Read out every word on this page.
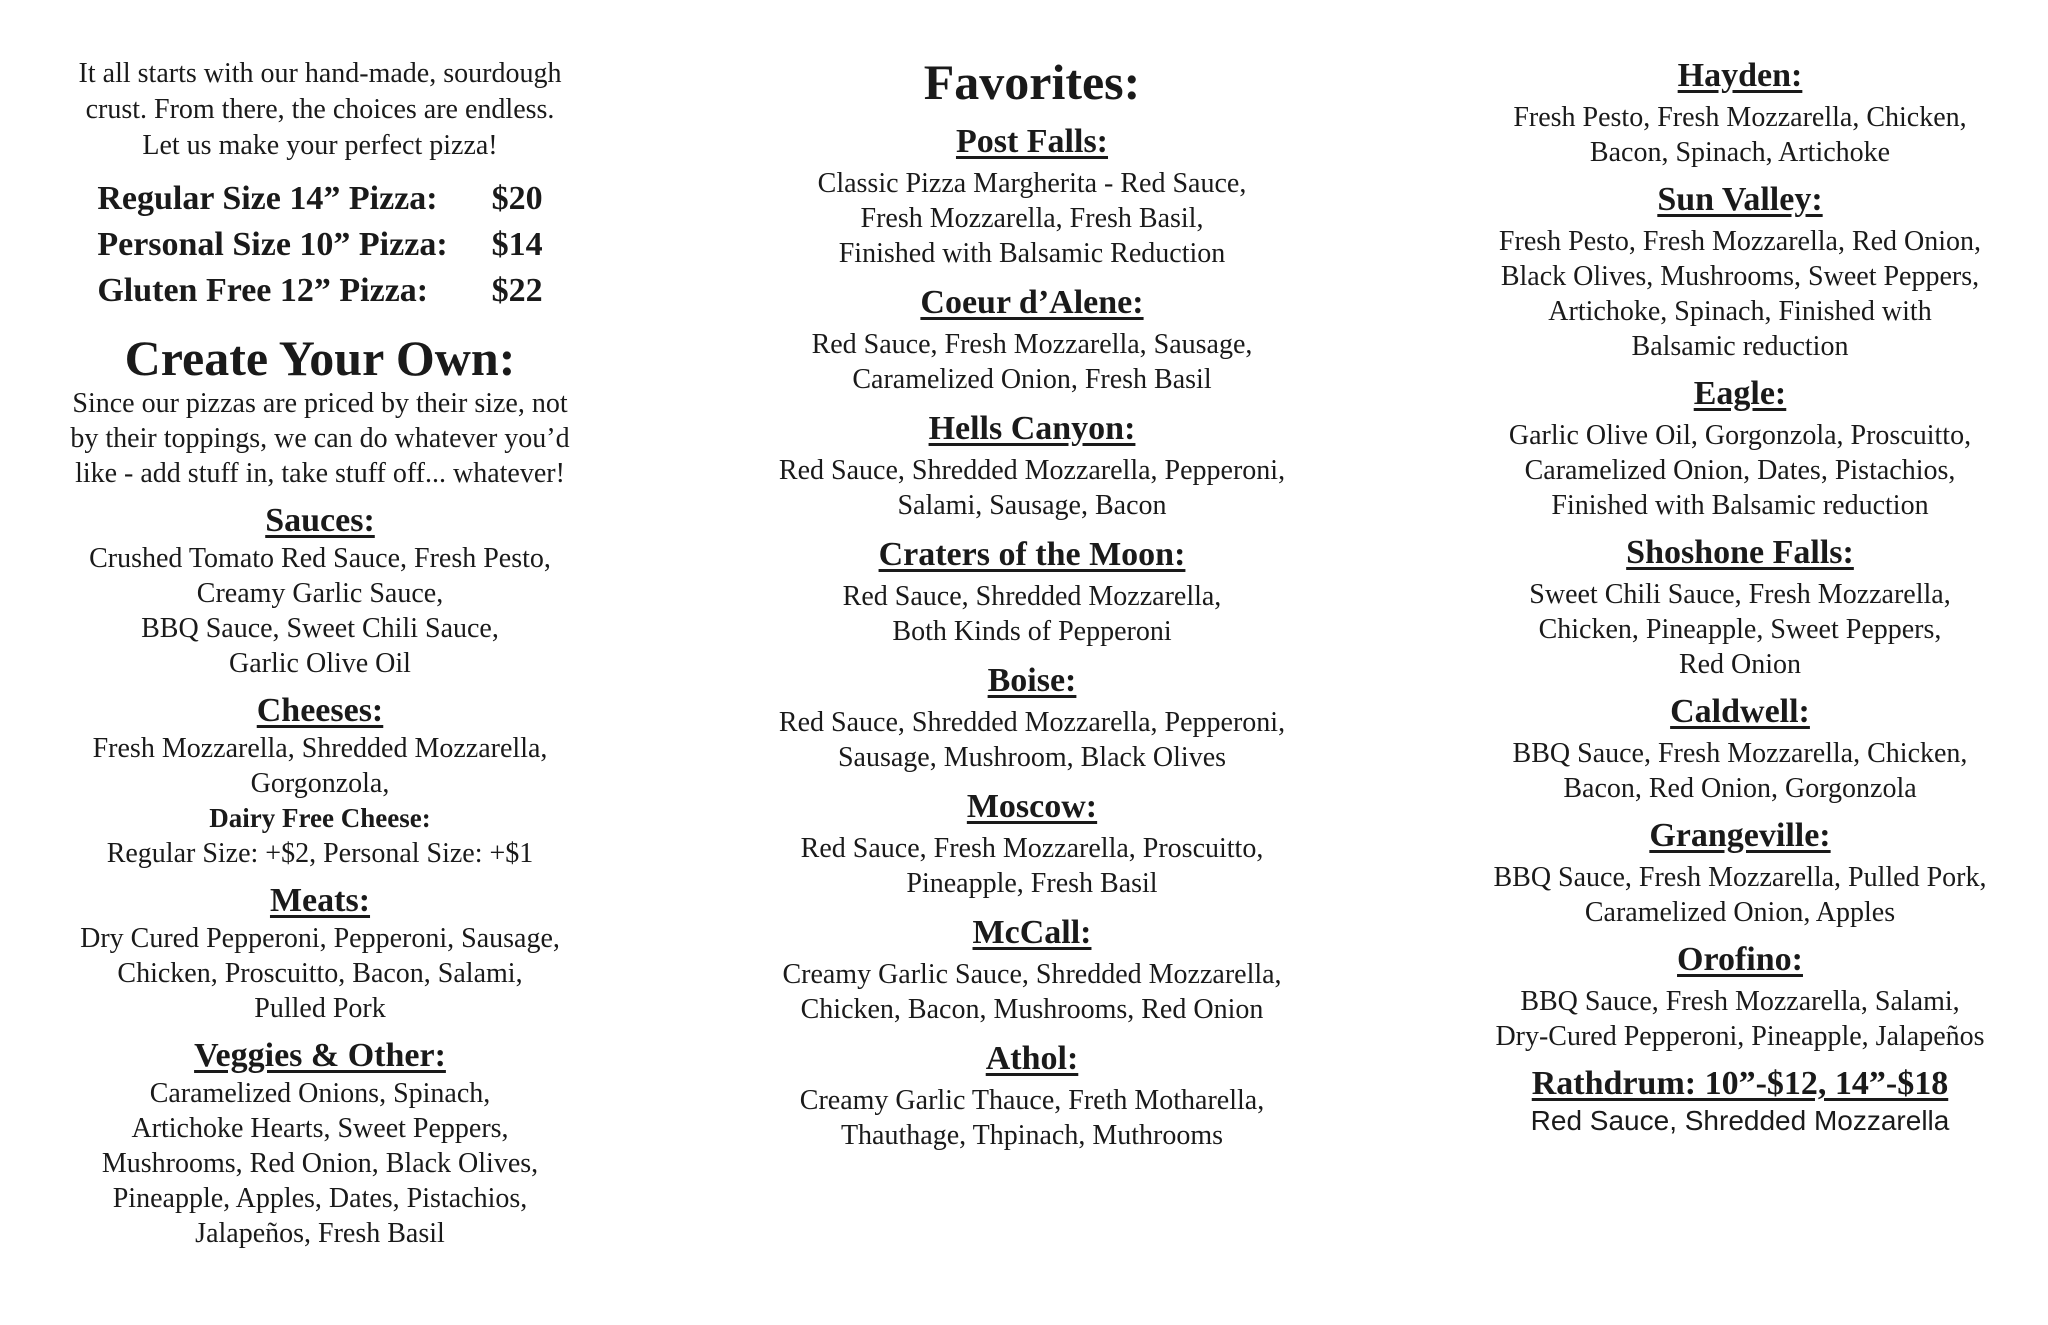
It all starts with our hand-made, sourdough
crust. From there, the choices are endless.
Let us make your perfect pizza!
Regular Size 14” Pizza:	$20
Personal Size 10” Pizza:	$14
Gluten Free 12” Pizza:	$22
Create Your Own:
Since our pizzas are priced by their size, not
by their toppings, we can do whatever you’d
like - add stuff in, take stuff off... whatever!
Sauces:
Crushed Tomato Red Sauce, Fresh Pesto,
Creamy Garlic Sauce,
BBQ Sauce, Sweet Chili Sauce,
Garlic Olive Oil
Cheeses:
Fresh Mozzarella, Shredded Mozzarella,
Gorgonzola,
Dairy Free Cheese:
Regular Size: +$2, Personal Size: +$1
Meats:
Dry Cured Pepperoni, Pepperoni, Sausage,
Chicken, Proscuitto, Bacon, Salami,
Pulled Pork
Veggies & Other:
Caramelized Onions, Spinach,
Artichoke Hearts, Sweet Peppers,
Mushrooms, Red Onion, Black Olives,
Pineapple, Apples, Dates, Pistachios,
Jalapeños, Fresh Basil
Favorites:
Post Falls:
Classic Pizza Margherita - Red Sauce,
Fresh Mozzarella, Fresh Basil,
Finished with Balsamic Reduction
Coeur d’Alene:
Red Sauce, Fresh Mozzarella, Sausage,
Caramelized Onion, Fresh Basil
Hells Canyon:
Red Sauce, Shredded Mozzarella, Pepperoni,
Salami, Sausage, Bacon
Craters of the Moon:
Red Sauce, Shredded Mozzarella,
Both Kinds of Pepperoni
Boise:
Red Sauce, Shredded Mozzarella, Pepperoni,
Sausage, Mushroom, Black Olives
Moscow:
Red Sauce, Fresh Mozzarella, Proscuitto,
Pineapple, Fresh Basil
McCall:
Creamy Garlic Sauce, Shredded Mozzarella,
Chicken, Bacon, Mushrooms, Red Onion
Athol:
Creamy Garlic Thauce, Freth Motharella,
Thauthage, Thpinach, Muthrooms
Hayden:
Fresh Pesto, Fresh Mozzarella, Chicken,
Bacon, Spinach, Artichoke
Sun Valley:
Fresh Pesto, Fresh Mozzarella, Red Onion,
Black Olives, Mushrooms, Sweet Peppers,
Artichoke, Spinach, Finished with
Balsamic reduction
Eagle:
Garlic Olive Oil, Gorgonzola, Proscuitto,
Caramelized Onion, Dates, Pistachios,
Finished with Balsamic reduction
Shoshone Falls:
Sweet Chili Sauce, Fresh Mozzarella,
Chicken, Pineapple, Sweet Peppers,
Red Onion
Caldwell:
BBQ Sauce, Fresh Mozzarella, Chicken,
Bacon, Red Onion, Gorgonzola
Grangeville:
BBQ Sauce, Fresh Mozzarella, Pulled Pork,
Caramelized Onion, Apples
Orofino:
BBQ Sauce, Fresh Mozzarella, Salami,
Dry-Cured Pepperoni, Pineapple, Jalapeños
Rathdrum: 10”-$12, 14”-$18
Red Sauce, Shredded Mozzarella
